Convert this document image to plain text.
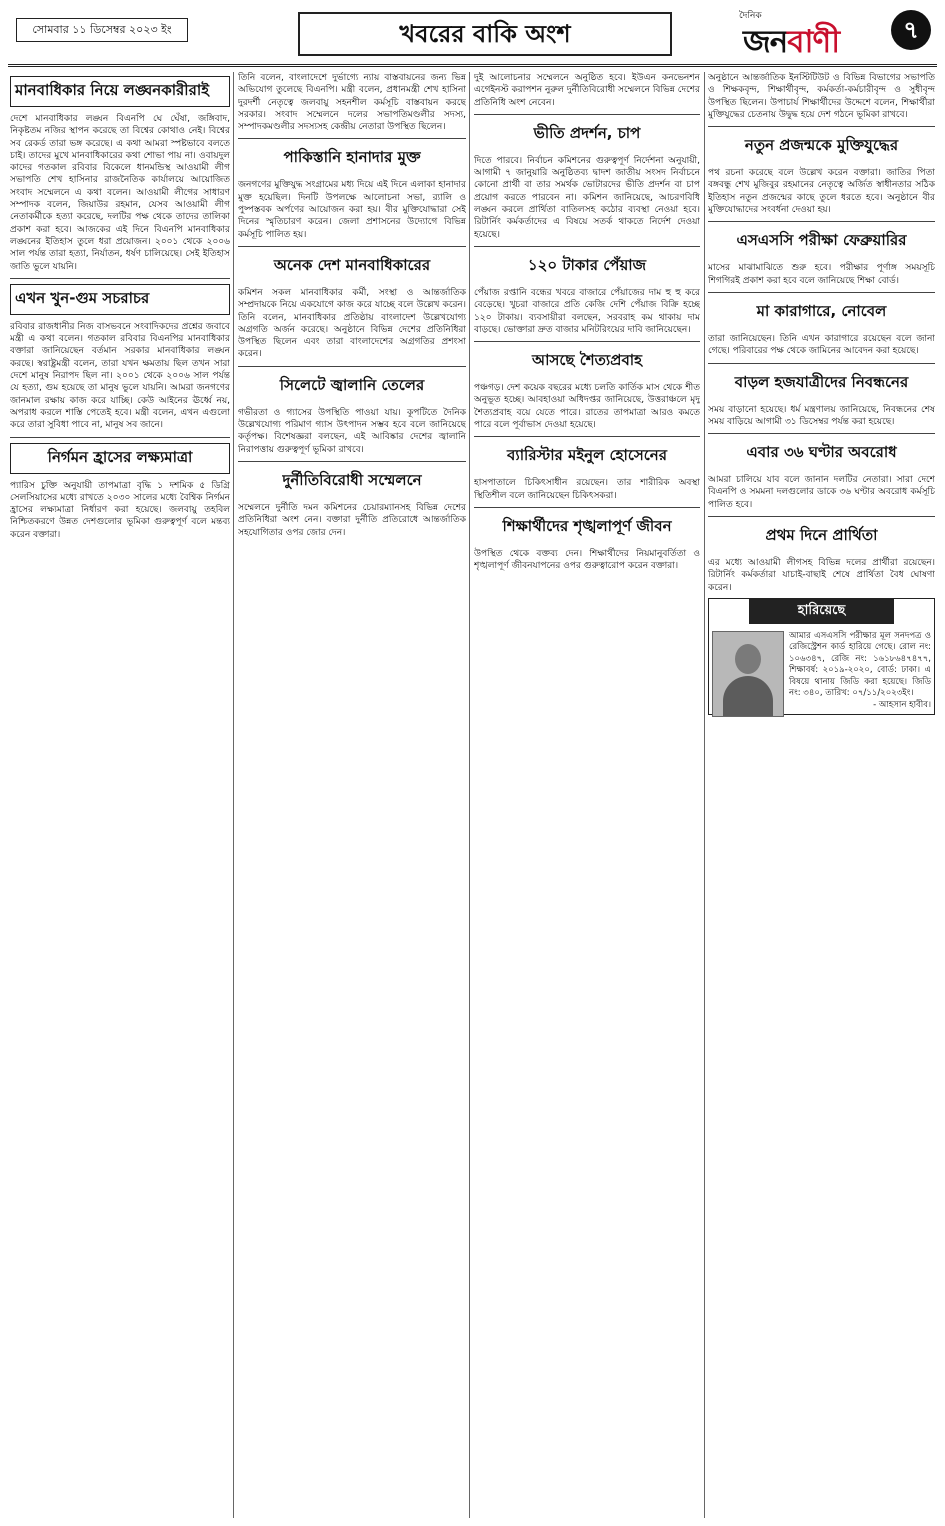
সোমবার ১১ ডিসেম্বর ২০২৩ ইং	খবরের বাকি অংশ
দৈনিক
জনবাণী	৭
মানবাধিকার নিয়ে লঙ্ঘনকারীরাই

দেশে মানবাধিকার লঙ্ঘন বিএনপি ঘে ঘেঁষা, জঙ্গিবাদ, নিকৃষ্টতম নজির স্থাপন করেছে তা বিশ্বের কোথাও নেই। বিশ্বের সব রেকর্ড তারা ভঙ্গ করেছে। এ কথা আমরা স্পষ্টভাবে বলতে চাই। তাদের মুখে মানবাধিকারের কথা শোভা পায় না। ওবায়দুল কাদের গতকাল রবিবার বিকেলে ধানমন্ডিস্থ আওয়ামী লীগ সভাপতি শেখ হাসিনার রাজনৈতিক কার্যালয়ে আয়োজিত সংবাদ সম্মেলনে এ কথা বলেন। আওয়ামী লীগের সাধারণ সম্পাদক বলেন, জিয়াউর রহমান, যেসব আওয়ামী লীগ নেতাকর্মীকে হত্যা করেছে, দলটির পক্ষ থেকে তাদের তালিকা প্রকাশ করা হবে। আজকের এই দিনে বিএনপি মানবাধিকার লঙ্ঘনের ইতিহাস তুলে ধরা প্রয়োজন। ২০০১ থেকে ২০০৬ সাল পর্যন্ত তারা হত্যা, নির্যাতন, ধর্ষণ চালিয়েছে। সেই ইতিহাস জাতি ভুলে যায়নি।

এখন খুন-গুম সচরাচর

রবিবার রাজধানীর নিজ বাসভবনে সংবাদিকদের প্রশ্নের জবাবে মন্ত্রী এ কথা বলেন। গতকাল রবিবার বিএনপির মানবাধিকার বক্তারা জানিয়েছেন বর্তমান সরকার মানবাধিকার লঙ্ঘন করছে। স্বরাষ্ট্রমন্ত্রী বলেন, তারা যখন ক্ষমতায় ছিল তখন সারা দেশে মানুষ নিরাপদ ছিল না। ২০০১ থেকে ২০০৬ সাল পর্যন্ত যে হত্যা, গুম হয়েছে তা মানুষ ভুলে যায়নি। আমরা জনগণের জানমাল রক্ষায় কাজ করে যাচ্ছি। কেউ আইনের ঊর্ধ্বে নয়, অপরাধ করলে শাস্তি পেতেই হবে। মন্ত্রী বলেন, এখন এগুলো করে তারা সুবিধা পাবে না, মানুষ সব জানে।

নির্গমন হ্রাসের লক্ষ্যমাত্রা

প্যারিস চুক্তি অনুযায়ী তাপমাত্রা বৃদ্ধি ১ দশমিক ৫ ডিগ্রি সেলসিয়াসের মধ্যে রাখতে ২০৩০ সালের মধ্যে বৈশ্বিক নির্গমন হ্রাসের লক্ষ্যমাত্রা নির্ধারণ করা হয়েছে। জলবায়ু তহবিল নিশ্চিতকরণে উন্নত দেশগুলোর ভূমিকা গুরুত্বপূর্ণ বলে মন্তব্য করেন বক্তারা।

তিনি বলেন, বাংলাদেশে দুর্ভাগ্যে ন্যায় বাস্তবায়নের জন্য ভিন্ন অভিযোগ তুলেছে বিএনপি। মন্ত্রী বলেন, প্রধানমন্ত্রী শেখ হাসিনা দুরদর্শী নেতৃত্বে জলবায়ু সহনশীল কর্মসূচি বাস্তবায়ন করছে সরকার। সংবাদ সম্মেলনে দলের সভাপতিমণ্ডলীর সদস্য, সম্পাদকমণ্ডলীর সদস্যসহ কেন্দ্রীয় নেতারা উপস্থিত ছিলেন।

পাকিস্তানি হানাদার মুক্ত

জনগণের মুক্তিযুদ্ধ সংগ্রামের মধ্য দিয়ে এই দিনে এলাকা হানাদার মুক্ত হয়েছিল। দিনটি উপলক্ষে আলোচনা সভা, র‍্যালি ও পুষ্পস্তবক অর্পণের আয়োজন করা হয়। বীর মুক্তিযোদ্ধারা সেই দিনের স্মৃতিচারণ করেন। জেলা প্রশাসনের উদ্যোগে বিভিন্ন কর্মসূচি পালিত হয়।

অনেক দেশ মানবাধিকারের

কমিশন সকল মানবাধিকার কর্মী, সংস্থা ও আন্তর্জাতিক সম্প্রদায়কে নিয়ে একযোগে কাজ করে যাচ্ছে বলে উল্লেখ করেন। তিনি বলেন, মানবাধিকার প্রতিষ্ঠায় বাংলাদেশ উল্লেখযোগ্য অগ্রগতি অর্জন করেছে। অনুষ্ঠানে বিভিন্ন দেশের প্রতিনিধিরা উপস্থিত ছিলেন এবং তারা বাংলাদেশের অগ্রগতির প্রশংসা করেন।

সিলেটে জ্বালানি তেলের

গভীরতা ও গ্যাসের উপস্থিতি পাওয়া যায়। কূপটিতে দৈনিক উল্লেখযোগ্য পরিমাণ গ্যাস উৎপাদন সম্ভব হবে বলে জানিয়েছে কর্তৃপক্ষ। বিশেষজ্ঞরা বলছেন, এই আবিষ্কার দেশের জ্বালানি নিরাপত্তায় গুরুত্বপূর্ণ ভূমিকা রাখবে।

দুর্নীতিবিরোধী সম্মেলনে

সম্মেলনে দুর্নীতি দমন কমিশনের চেয়ারম্যানসহ বিভিন্ন দেশের প্রতিনিধিরা অংশ নেন। বক্তারা দুর্নীতি প্রতিরোধে আন্তর্জাতিক সহযোগিতার ওপর জোর দেন।

দুই আলোচনার সম্মেলনে অনুষ্ঠিত হবে। ইউএন কনভেনশন এগেইনস্ট করাপশন নুরুল দুর্নীতিবিরোধী সম্মেলনে বিভিন্ন দেশের প্রতিনিধি অংশ নেবেন।

ভীতি প্রদর্শন, চাপ

দিতে পারবে। নির্বাচন কমিশনের গুরুত্বপূর্ণ নির্দেশনা অনুযায়ী, আগামী ৭ জানুয়ারি অনুষ্ঠিতব্য দ্বাদশ জাতীয় সংসদ নির্বাচনে কোনো প্রার্থী বা তার সমর্থক ভোটারদের ভীতি প্রদর্শন বা চাপ প্রয়োগ করতে পারবেন না। কমিশন জানিয়েছে, আচরণবিধি লঙ্ঘন করলে প্রার্থিতা বাতিলসহ কঠোর ব্যবস্থা নেওয়া হবে। রিটার্নিং কর্মকর্তাদের এ বিষয়ে সতর্ক থাকতে নির্দেশ দেওয়া হয়েছে।

১২০ টাকার পেঁয়াজ

পেঁয়াজ রপ্তানি বন্ধের খবরে বাজারে পেঁয়াজের দাম হু হু করে বেড়েছে। খুচরা বাজারে প্রতি কেজি দেশি পেঁয়াজ বিক্রি হচ্ছে ১২০ টাকায়। ব্যবসায়ীরা বলছেন, সরবরাহ কম থাকায় দাম বাড়ছে। ভোক্তারা দ্রুত বাজার মনিটরিংয়ের দাবি জানিয়েছেন।

আসছে শৈত্যপ্রবাহ

পঞ্চগড়। দেশ কয়েক বছরের মধ্যে চলতি কার্তিক মাস থেকে শীত অনুভূত হচ্ছে। আবহাওয়া অধিদপ্তর জানিয়েছে, উত্তরাঞ্চলে মৃদু শৈত্যপ্রবাহ বয়ে যেতে পারে। রাতের তাপমাত্রা আরও কমতে পারে বলে পূর্বাভাস দেওয়া হয়েছে।

ব্যারিস্টার মইনুল হোসেনের

হাসপাতালে চিকিৎসাধীন রয়েছেন। তার শারীরিক অবস্থা স্থিতিশীল বলে জানিয়েছেন চিকিৎসকরা।

শিক্ষার্থীদের শৃঙ্খলাপূর্ণ জীবন

উপস্থিত থেকে বক্তব্য দেন। শিক্ষার্থীদের নিয়মানুবর্তিতা ও শৃঙ্খলাপূর্ণ জীবনযাপনের ওপর গুরুত্বারোপ করেন বক্তারা।

অনুষ্ঠানে আন্তর্জাতিক ইনস্টিটিউট ও বিভিন্ন বিভাগের সভাপতি ও শিক্ষকবৃন্দ, শিক্ষার্থীবৃন্দ, কর্মকর্তা-কর্মচারীবৃন্দ ও সুধীবৃন্দ উপস্থিত ছিলেন। উপাচার্য শিক্ষার্থীদের উদ্দেশে বলেন, শিক্ষার্থীরা মুক্তিযুদ্ধের চেতনায় উদ্বুদ্ধ হয়ে দেশ গঠনে ভূমিকা রাখবে।

নতুন প্রজন্মকে মুক্তিযুদ্ধের

পথ রচনা করেছে বলে উল্লেখ করেন বক্তারা। জাতির পিতা বঙ্গবন্ধু শেখ মুজিবুর রহমানের নেতৃত্বে অর্জিত স্বাধীনতার সঠিক ইতিহাস নতুন প্রজন্মের কাছে তুলে ধরতে হবে। অনুষ্ঠানে বীর মুক্তিযোদ্ধাদের সংবর্ধনা দেওয়া হয়।

এসএসসি পরীক্ষা ফেব্রুয়ারির

মাসের মাঝামাঝিতে শুরু হবে। পরীক্ষার পূর্ণাঙ্গ সময়সূচি শিগগিরই প্রকাশ করা হবে বলে জানিয়েছে শিক্ষা বোর্ড।

মা কারাগারে, নোবেল

তারা জানিয়েছেন। তিনি এখন কারাগারে রয়েছেন বলে জানা গেছে। পরিবারের পক্ষ থেকে জামিনের আবেদন করা হয়েছে।

বাড়ল হজযাত্রীদের নিবন্ধনের

সময় বাড়ানো হয়েছে। ধর্ম মন্ত্রণালয় জানিয়েছে, নিবন্ধনের শেষ সময় বাড়িয়ে আগামী ৩১ ডিসেম্বর পর্যন্ত করা হয়েছে।

এবার ৩৬ ঘণ্টার অবরোধ

আমরা চালিয়ে যাব বলে জানান দলটির নেতারা। সারা দেশে বিএনপি ও সমমনা দলগুলোর ডাকে ৩৬ ঘণ্টার অবরোধ কর্মসূচি পালিত হবে।

প্রথম দিনে প্রার্থিতা

এর মধ্যে আওয়ামী লীগসহ বিভিন্ন দলের প্রার্থীরা রয়েছেন। রিটার্নিং কর্মকর্তারা যাচাই-বাছাই শেষে প্রার্থিতা বৈধ ঘোষণা করেন।

হারিয়েছে
আমার এসএসসি পরীক্ষার মূল সনদপত্র ও রেজিস্ট্রেশন কার্ড হারিয়ে গেছে। রোল নং: ১০৬৩৪৭, রেজি নং: ১৬১৮৬৪৭৪৭৭, শিক্ষাবর্ষ: ২০১৯-২০২০, বোর্ড: ঢাকা। এ বিষয়ে থানায় জিডি করা হয়েছে। জিডি নং: ৩৪০, তারিখ: ০৭/১১/২০২৩ইং।
- আহসান হাবীব।
